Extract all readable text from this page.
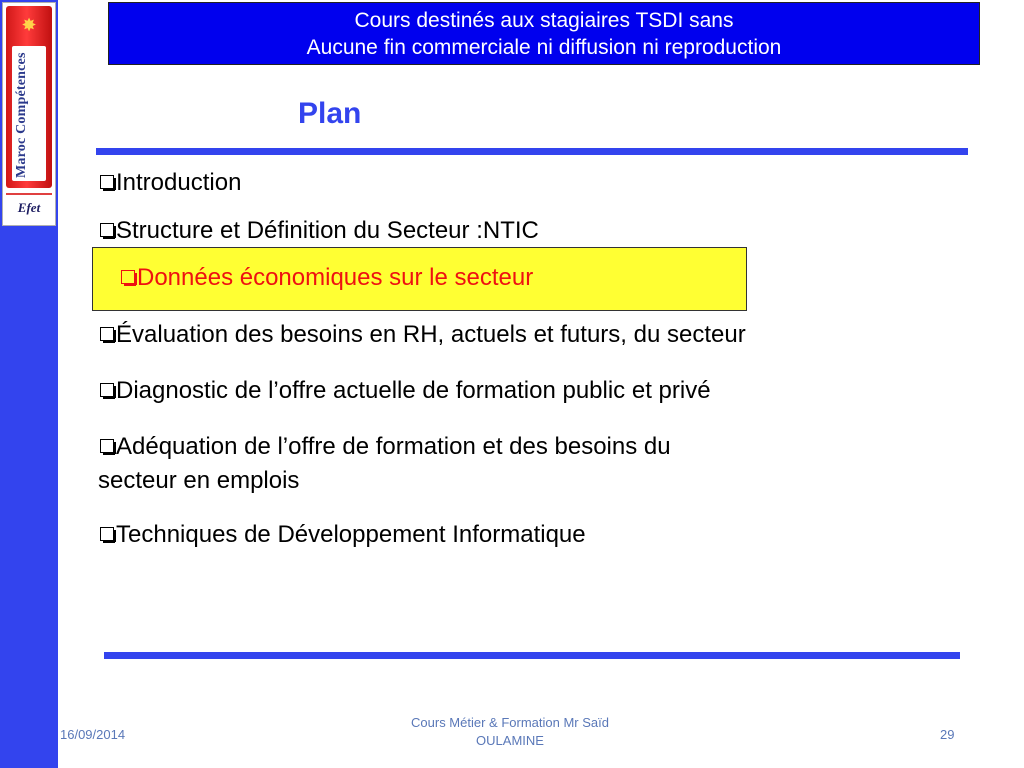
✸
Maroc Compétences
Efet
Cours destinés aux stagiaires TSDI sans
Aucune fin commerciale ni diffusion ni reproduction
Plan
Introduction
Structure et Définition du Secteur :NTIC
Données économiques sur le secteur
Évaluation des besoins en RH, actuels et futurs, du secteur
Diagnostic de l’offre actuelle de formation public et privé
Adéquation de l’offre de formation et des besoins du
secteur en emplois
Techniques de Développement Informatique
16/09/2014
Cours Métier & Formation Mr Saïd
OULAMINE	29
